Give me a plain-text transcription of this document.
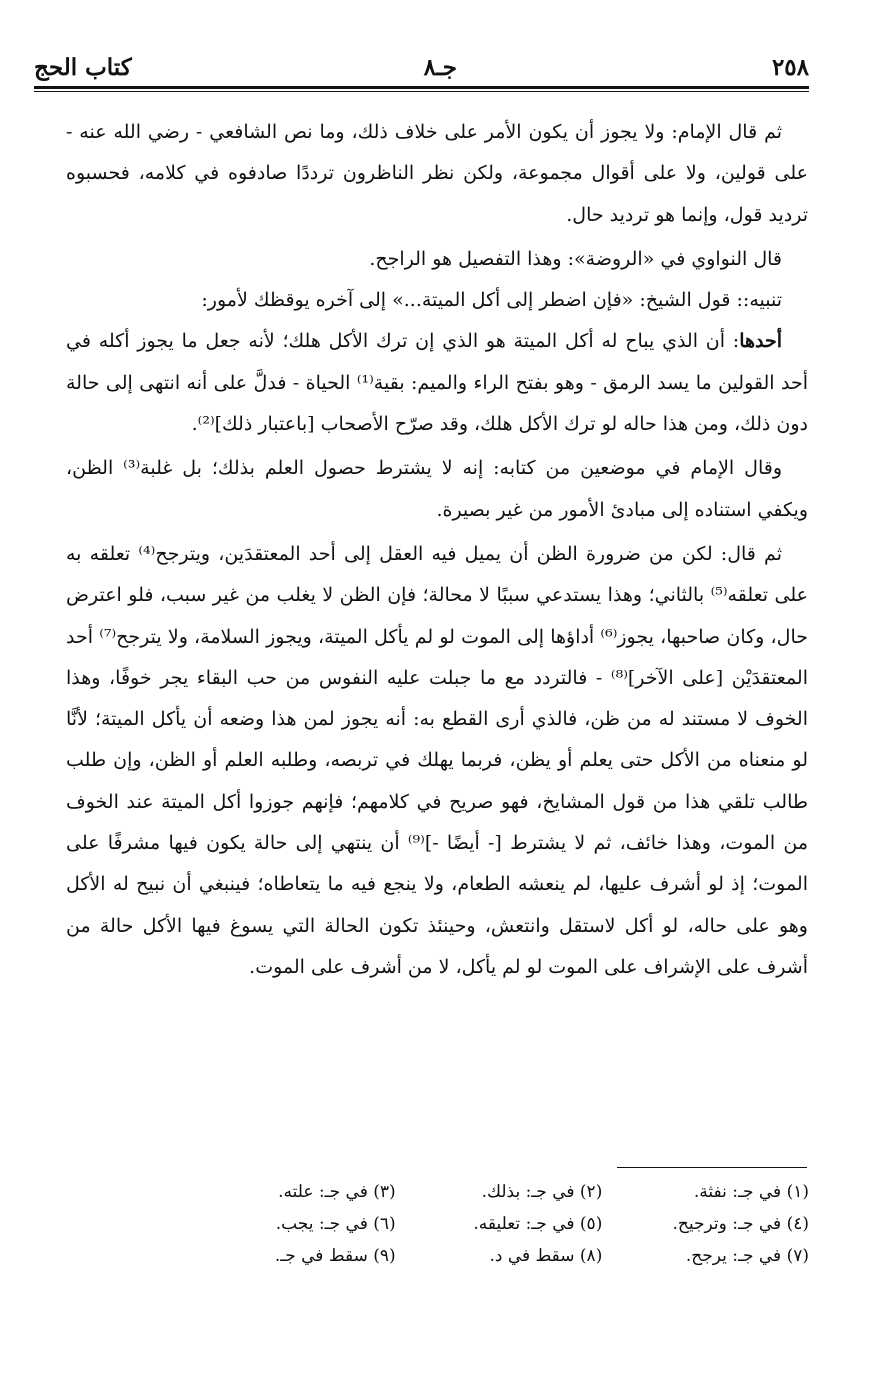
٢٥٨
جـ٨
كتاب الحج

ثم قال الإمام: ولا يجوز أن يكون الأمر على خلاف ذلك، وما نص الشافعي - رضي الله عنه - على قولين، ولا على أقوال مجموعة، ولكن نظر الناظرون ترددًا صادفوه في كلامه، فحسبوه ترديد قول، وإنما هو ترديد حال.

قال النواوي في «الروضة»: وهذا التفصيل هو الراجح.

تنبيه:: قول الشيخ: «فإن اضطر إلى أكل الميتة...» إلى آخره يوقظك لأمور:

أحدها: أن الذي يباح له أكل الميتة هو الذي إن ترك الأكل هلك؛ لأنه جعل ما يجوز أكله في أحد القولين ما يسد الرمق - وهو بفتح الراء والميم: بقية⁽¹⁾ الحياة - فدلَّ على أنه انتهى إلى حالة دون ذلك، ومن هذا حاله لو ترك الأكل هلك، وقد صرّح الأصحاب [باعتبار ذلك]⁽²⁾.

وقال الإمام في موضعين من كتابه: إنه لا يشترط حصول العلم بذلك؛ بل غلبة⁽³⁾ الظن، ويكفي استناده إلى مبادئ الأمور من غير بصيرة.

ثم قال: لكن من ضرورة الظن أن يميل فيه العقل إلى أحد المعتقدَين، ويترجح⁽⁴⁾ تعلقه به على تعلقه⁽⁵⁾ بالثاني؛ وهذا يستدعي سببًا لا محالة؛ فإن الظن لا يغلب من غير سبب، فلو اعترض حال، وكان صاحبها، يجوز⁽⁶⁾ أداؤها إلى الموت لو لم يأكل الميتة، ويجوز السلامة، ولا يترجح⁽⁷⁾ أحد المعتقدَيْن [على الآخر]⁽⁸⁾ - فالتردد مع ما جبلت عليه النفوس من حب البقاء يجر خوفًا، وهذا الخوف لا مستند له من ظن، فالذي أرى القطع به: أنه يجوز لمن هذا وضعه أن يأكل الميتة؛ لأنَّا لو منعناه من الأكل حتى يعلم أو يظن، فربما يهلك في تربصه، وطلبه العلم أو الظن، وإن طلب طالب تلقي هذا من قول المشايخ، فهو صريح في كلامهم؛ فإنهم جوزوا أكل الميتة عند الخوف من الموت، وهذا خائف، ثم لا يشترط [- أيضًا -]⁽⁹⁾ أن ينتهي إلى حالة يكون فيها مشرفًا على الموت؛ إذ لو أشرف عليها، لم ينعشه الطعام، ولا ينجع فيه ما يتعاطاه؛ فينبغي أن نبيح له الأكل وهو على حاله، لو أكل لاستقل وانتعش، وحينئذ تكون الحالة التي يسوغ فيها الأكل حالة من أشرف على الإشراف على الموت لو لم يأكل، لا من أشرف على الموت.

(١) في جـ: نفثة.
(٢) في جـ: بذلك.
(٣) في جـ: علته.
(٤) في جـ: وترجيح.
(٥) في جـ: تعليقه.
(٦) في جـ: يجب.
(٧) في جـ: يرجح.
(٨) سقط في د.
(٩) سقط في جـ.
